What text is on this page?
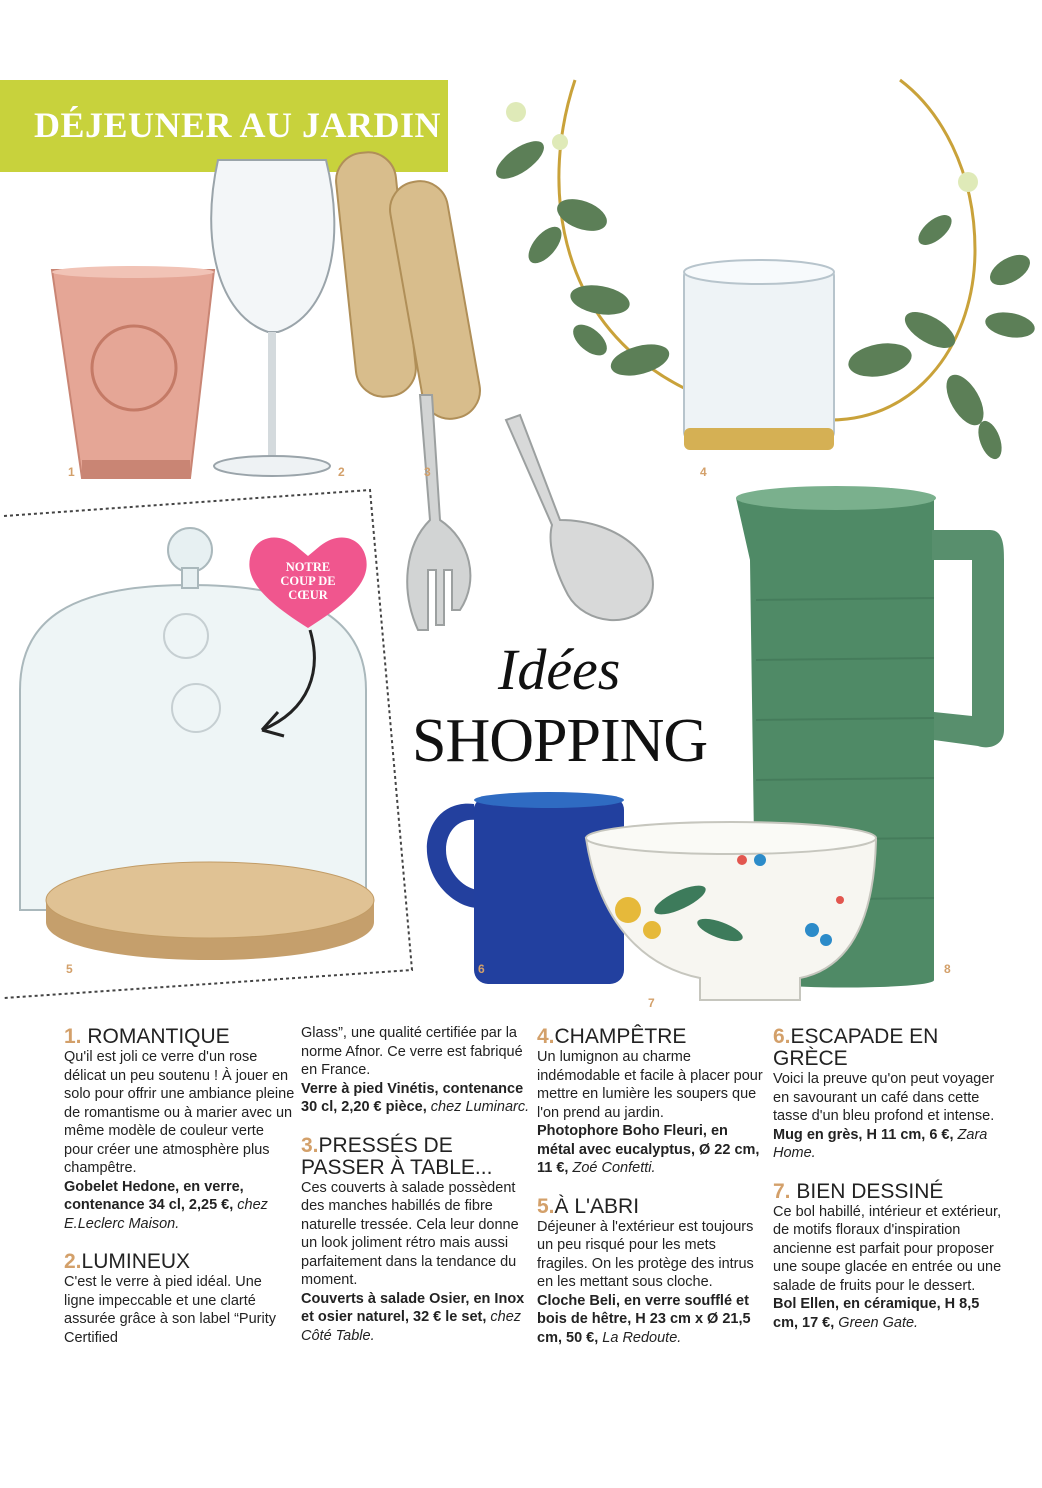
DÉJEUNER AU JARDIN
NOTRE
COUP DE
CŒUR
1	2	3	4
5	6
7
8
Idées
SHOPPING

1. ROMANTIQUE

Qu'il est joli ce verre d'un rose délicat un peu soutenu ! À jouer en solo pour offrir une ambiance pleine de romantisme ou à marier avec un même modèle de couleur verte pour créer une atmosphère plus champêtre.

Gobelet Hedone, en verre, contenance 34 cl, 2,25 €, chez E.Leclerc Maison.

2.LUMINEUX

C'est le verre à pied idéal. Une ligne impeccable et une clarté assurée grâce à son label “Purity Certified

Glass”, une qualité certifiée par la norme Afnor. Ce verre est fabriqué en France.

Verre à pied Vinétis, contenance 30 cl, 2,20 € pièce, chez Luminarc.

3.PRESSÉS DE PASSER À TABLE...

Ces couverts à salade possèdent des manches habillés de fibre naturelle tressée. Cela leur donne un look joliment rétro mais aussi parfaitement dans la tendance du moment.

Couverts à salade Osier, en Inox et osier naturel, 32 € le set, chez Côté Table.

4.CHAMPÊTRE

Un lumignon au charme indémodable et facile à placer pour mettre en lumière les soupers que l'on prend au jardin.

Photophore Boho Fleuri, en métal avec eucalyptus, Ø 22 cm, 11 €, Zoé Confetti.

5.À L'ABRI

Déjeuner à l'extérieur est toujours un peu risqué pour les mets fragiles. On les protège des intrus en les mettant sous cloche.

Cloche Beli, en verre soufflé et bois de hêtre, H 23 cm x Ø 21,5 cm, 50 €, La Redoute.

6.ESCAPADE EN GRÈCE

Voici la preuve qu'on peut voyager en savourant un café dans cette tasse d'un bleu profond et intense.

Mug en grès, H 11 cm, 6 €, Zara Home.

7. BIEN DESSINÉ

Ce bol habillé, intérieur et extérieur, de motifs floraux d'inspiration ancienne est parfait pour proposer une soupe glacée en entrée ou une salade de fruits pour le dessert.

Bol Ellen, en céramique, H 8,5 cm, 17 €, Green Gate.
